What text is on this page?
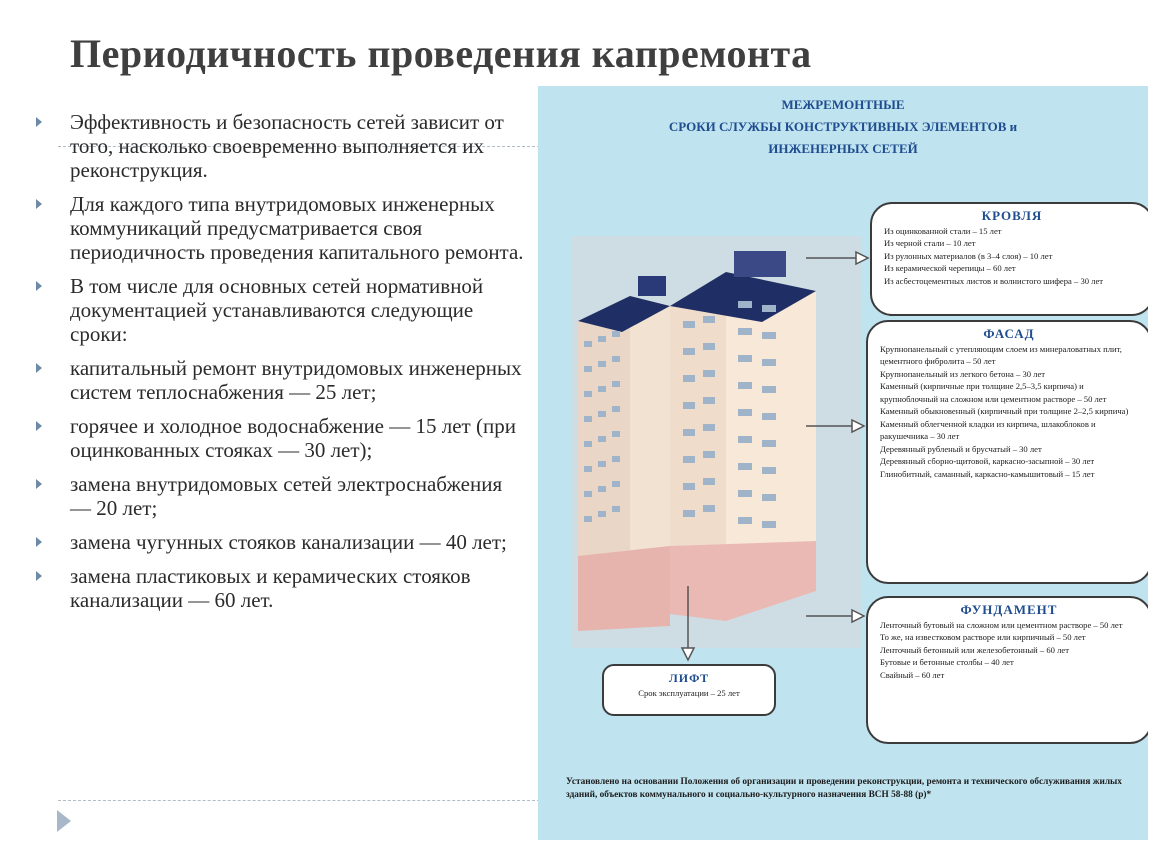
Периодичность проведения капремонта
Эффективность и безопасность сетей зависит от того, насколько своевременно выполняется их реконструкция.
Для каждого типа внутридомовых инженерных коммуникаций предусматривается своя периодичность проведения капитального ремонта.
В том числе для основных сетей нормативной документацией устанавливаются следующие сроки:
капитальный ремонт внутридомовых инженерных систем теплоснабжения — 25 лет;
горячее и холодное водоснабжение — 15 лет (при оцинкованных стояках — 30 лет);
замена внутридомовых сетей электроснабжения — 20 лет;
замена чугунных стояков канализации — 40 лет;
замена пластиковых и керамических стояков канализации — 60 лет.
МЕЖРЕМОНТНЫЕ
СРОКИ СЛУЖБЫ КОНСТРУКТИВНЫХ ЭЛЕМЕНТОВ и
ИНЖЕНЕРНЫХ СЕТЕЙ
КРОВЛЯ

Из оцинкованной стали – 15 лет

Из черной стали – 10 лет

Из рулонных материалов (в 3–4 слоя) – 10 лет

Из керамической черепицы – 60 лет

Из асбестоцементных листов и волнистого шифера – 30 лет

ФАСАД

Крупнопанельный с утепляющим слоем из минераловатных плит, цементного фибролита – 50 лет

Крупнопанельный из легкого бетона – 30 лет

Каменный (кирпичные при толщине 2,5–3,5 кирпича) и крупноблочный на сложном или цементном растворе – 50 лет

Каменный обыкновенный (кирпичный при толщине 2–2,5 кирпича)

Каменный облегченной кладки из кирпича, шлакоблоков и ракушечника – 30 лет

Деревянный рубленый и брусчатый – 30 лет

Деревянный сборно-щитовой, каркасно-засыпной – 30 лет

Глинобитный, саманный, каркасно-камышитовый – 15 лет

ФУНДАМЕНТ

Ленточный бутовый на сложном или цементном растворе – 50 лет

То же, на известковом растворе или кирпичный – 50 лет

Ленточный бетонный или железобетонный – 60 лет

Бутовые и бетонные столбы – 40 лет

Свайный – 60 лет

ЛИФТ

Срок эксплуатации – 25 лет

Установлено на основании Положения об организации и проведении реконструкции, ремонта и технического обслуживания жилых зданий, объектов коммунального и социально-культурного назначения ВСН 58-88 (р)*
